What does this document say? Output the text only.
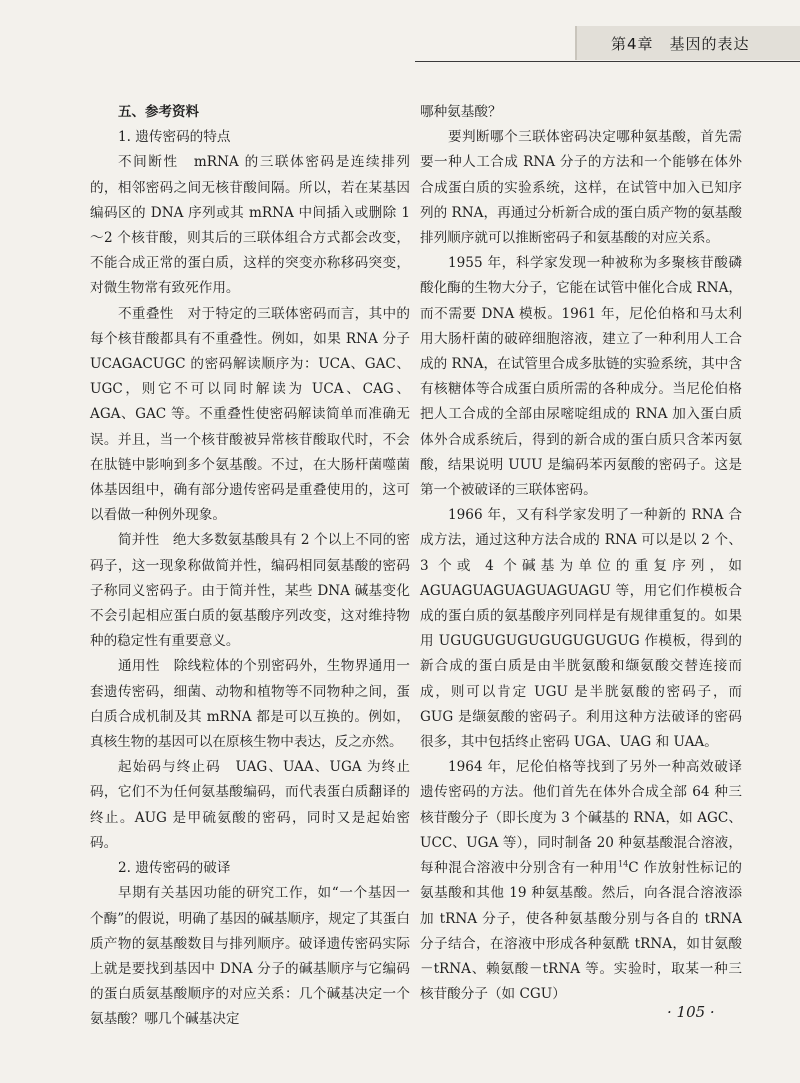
第4章　基因的表达

五、参考资料

1. 遗传密码的特点

不间断性　 mRNA 的三联体密码是连续排列的，相邻密码之间无核苷酸间隔。所以，若在某基因编码区的 DNA 序列或其 mRNA 中间插入或删除 1～2 个核苷酸，则其后的三联体组合方式都会改变，不能合成正常的蛋白质，这样的突变亦称移码突变，对微生物常有致死作用。

不重叠性　 对于特定的三联体密码而言，其中的每个核苷酸都具有不重叠性。例如，如果 RNA 分子 UCAGACUGC 的密码解读顺序为：UCA、GAC、UGC，则它不可以同时解读为 UCA、CAG、AGA、GAC 等。不重叠性使密码解读简单而准确无误。并且，当一个核苷酸被异常核苷酸取代时，不会在肽链中影响到多个氨基酸。不过，在大肠杆菌噬菌体基因组中，确有部分遗传密码是重叠使用的，这可以看做一种例外现象。

简并性　 绝大多数氨基酸具有 2 个以上不同的密码子，这一现象称做简并性，编码相同氨基酸的密码子称同义密码子。由于简并性，某些 DNA 碱基变化不会引起相应蛋白质的氨基酸序列改变，这对维持物种的稳定性有重要意义。

通用性　 除线粒体的个别密码外，生物界通用一套遗传密码，细菌、动物和植物等不同物种之间，蛋白质合成机制及其 mRNA 都是可以互换的。例如，真核生物的基因可以在原核生物中表达，反之亦然。

起始码与终止码　 UAG、UAA、UGA 为终止码，它们不为任何氨基酸编码，而代表蛋白质翻译的终止。AUG 是甲硫氨酸的密码，同时又是起始密码。

2. 遗传密码的破译

早期有关基因功能的研究工作，如“一个基因一个酶”的假说，明确了基因的碱基顺序，规定了其蛋白质产物的氨基酸数目与排列顺序。破译遗传密码实际上就是要找到基因中 DNA 分子的碱基顺序与它编码的蛋白质氨基酸顺序的对应关系：几个碱基决定一个氨基酸？哪几个碱基决定

哪种氨基酸？

要判断哪个三联体密码决定哪种氨基酸，首先需要一种人工合成 RNA 分子的方法和一个能够在体外合成蛋白质的实验系统，这样，在试管中加入已知序列的 RNA，再通过分析新合成的蛋白质产物的氨基酸排列顺序就可以推断密码子和氨基酸的对应关系。

1955 年，科学家发现一种被称为多聚核苷酸磷酸化酶的生物大分子，它能在试管中催化合成 RNA，而不需要 DNA 模板。1961 年，尼伦伯格和马太利用大肠杆菌的破碎细胞溶液，建立了一种利用人工合成的 RNA，在试管里合成多肽链的实验系统，其中含有核糖体等合成蛋白质所需的各种成分。当尼伦伯格把人工合成的全部由尿嘧啶组成的 RNA 加入蛋白质体外合成系统后，得到的新合成的蛋白质只含苯丙氨酸，结果说明 UUU 是编码苯丙氨酸的密码子。这是第一个被破译的三联体密码。

1966 年，又有科学家发明了一种新的 RNA 合成方法，通过这种方法合成的 RNA 可以是以 2 个、3 个或 4 个碱基为单位的重复序列，如 AGUAGUAGUAGUAGUAGU 等，用它们作模板合成的蛋白质的氨基酸序列同样是有规律重复的。如果用 UGUGUGUGUGUGUGUGUG 作模板，得到的新合成的蛋白质是由半胱氨酸和缬氨酸交替连接而成，则可以肯定 UGU 是半胱氨酸的密码子，而 GUG 是缬氨酸的密码子。利用这种方法破译的密码很多，其中包括终止密码 UGA、UAG 和 UAA。

1964 年，尼伦伯格等找到了另外一种高效破译遗传密码的方法。他们首先在体外合成全部 64 种三核苷酸分子（即长度为 3 个碱基的 RNA，如 AGC、UCC、UGA 等），同时制备 20 种氨基酸混合溶液，每种混合溶液中分别含有一种用$^{14}$C 作放射性标记的氨基酸和其他 19 种氨基酸。然后，向各混合溶液添加 tRNA 分子，使各种氨基酸分别与各自的 tRNA 分子结合，在溶液中形成各种氨酰 tRNA，如甘氨酸－tRNA、赖氨酸－tRNA 等。实验时，取某一种三核苷酸分子（如 CGU）

· 105 ·
